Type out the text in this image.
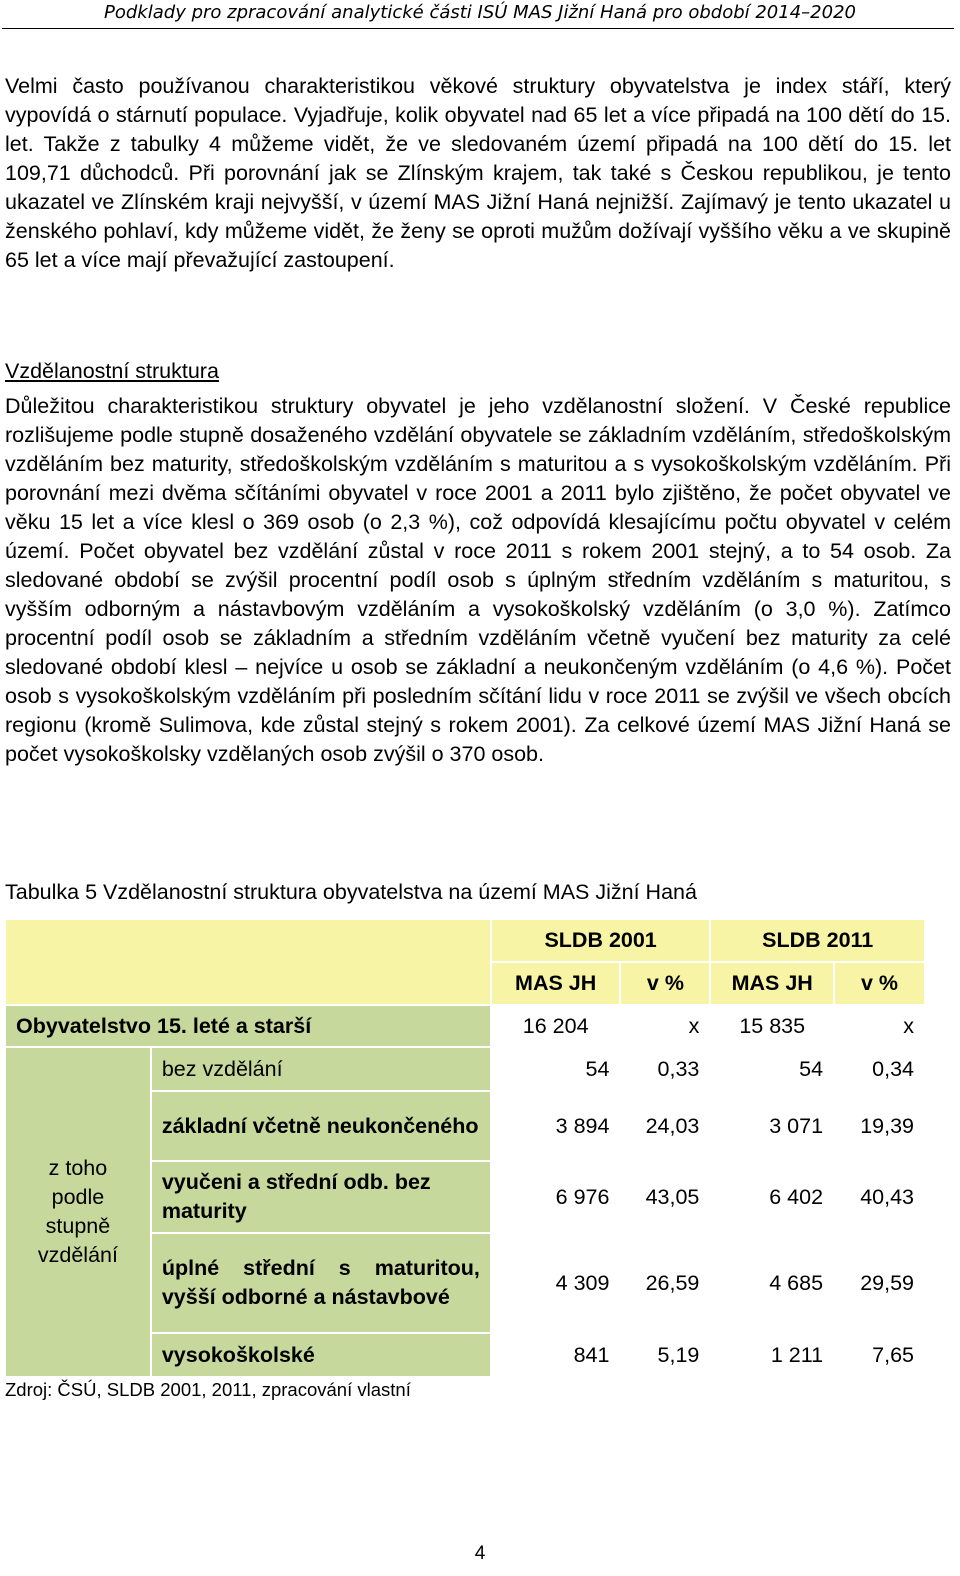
Podklady pro zpracování analytické části ISÚ MAS Jižní Haná pro období 2014–2020
Velmi často používanou charakteristikou věkové struktury obyvatelstva je index stáří, který vypovídá o stárnutí populace. Vyjadřuje, kolik obyvatel nad 65 let a více připadá na 100 dětí do 15. let. Takže z tabulky 4 můžeme vidět, že ve sledovaném území připadá na 100 dětí do 15. let 109,71 důchodců. Při porovnání jak se Zlínským krajem, tak také s Českou republikou, je tento ukazatel ve Zlínském kraji nejvyšší, v území MAS Jižní Haná nejnižší. Zajímavý je tento ukazatel u ženského pohlaví, kdy můžeme vidět, že ženy se oproti mužům dožívají vyššího věku a ve skupině 65 let a více mají převažující zastoupení.
Vzdělanostní struktura
Důležitou charakteristikou struktury obyvatel je jeho vzdělanostní složení. V České republice rozlišujeme podle stupně dosaženého vzdělání obyvatele se základním vzděláním, středoškolským vzděláním bez maturity, středoškolským vzděláním s maturitou a s vysokoškolským vzděláním. Při porovnání mezi dvěma sčítáními obyvatel v roce 2001 a 2011 bylo zjištěno, že počet obyvatel ve věku 15 let a více klesl o 369 osob (o 2,3 %), což odpovídá klesajícímu počtu obyvatel v celém území. Počet obyvatel bez vzdělání zůstal v roce 2011 s rokem 2001 stejný, a to 54 osob. Za sledované období se zvýšil procentní podíl osob s úplným středním vzděláním s maturitou, s vyšším odborným a nástavbovým vzděláním a vysokoškolský vzděláním (o 3,0 %). Zatímco procentní podíl osob se základním a středním vzděláním včetně vyučení bez maturity za celé sledované období klesl – nejvíce u osob se základní a neukončeným vzděláním (o 4,6 %). Počet osob s vysokoškolským vzděláním při posledním sčítání lidu v roce 2011 se zvýšil ve všech obcích regionu (kromě Sulimova, kde zůstal stejný s rokem 2001). Za celkové území MAS Jižní Haná se počet vysokoškolsky vzdělaných osob zvýšil o 370 osob.
Tabulka 5 Vzdělanostní struktura obyvatelstva na území MAS Jižní Haná
		SLDB 2001		SLDB 2011	
		MAS JH	v %	MAS JH	v %
Obyvatelstvo 15. leté a starší		16 204	x	15 835	x

z toho podle stupně vzdělání	bez vzdělání	54	0,33	54	0,34
	základní včetně neukončeného	3 894	24,03	3 071	19,39
	vyučeni a střední odb. bez maturity	6 976	43,05	6 402	40,43
	úplné střední s maturitou, vyšší odborné a nástavbové	4 309	26,59	4 685	29,59
	vysokoškolské	841	5,19	1 211	7,65
Zdroj: ČSÚ, SLDB 2001, 2011, zpracování vlastní
4
